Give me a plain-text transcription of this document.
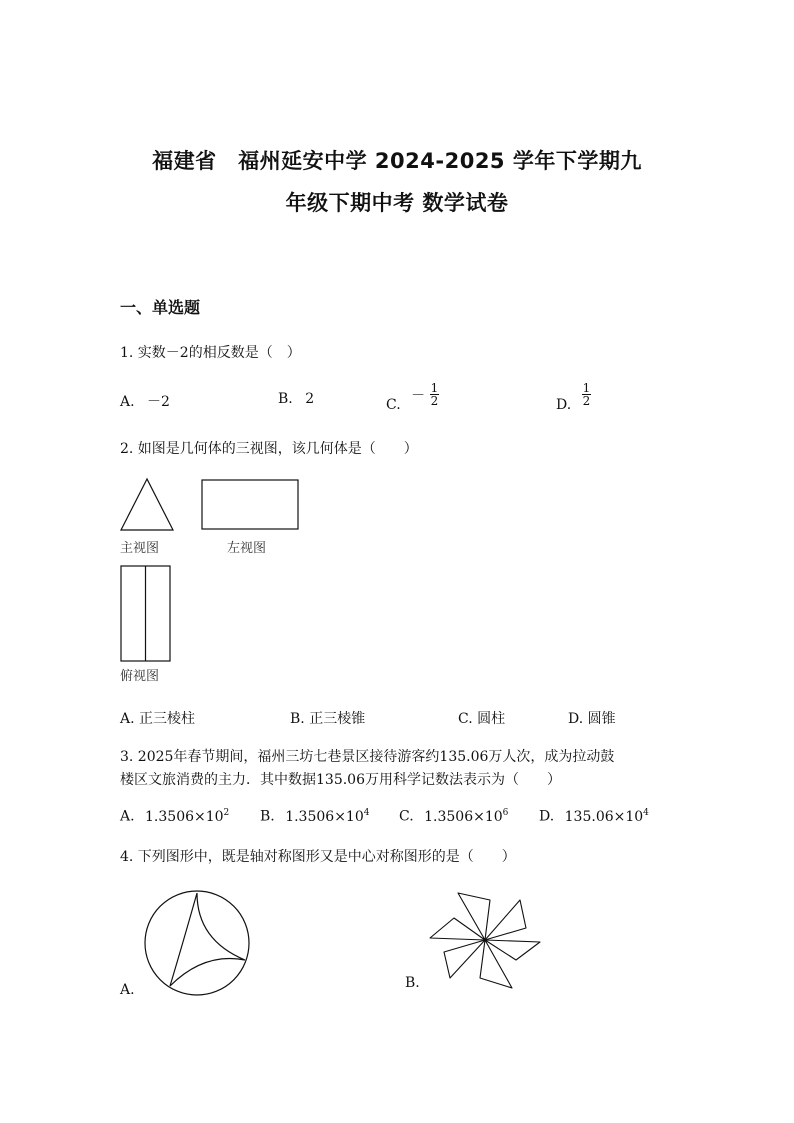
福建省　福州延安中学 2024-2025 学年下学期九
年级下期中考 数学试卷
一、单选题
1. 实数－2的相反数是（　）
A. －2	B. 2	C. － $\frac{1}{2}$	D. $\frac{1}{2}$
2. 如图是几何体的三视图，该几何体是（　　）
主视图	左视图
俯视图
A. 正三棱柱	B. 正三棱锥	C. 圆柱	D. 圆锥
3. 2025年春节期间，福州三坊七巷景区接待游客约135.06万人次，成为拉动鼓
楼区文旅消费的主力．其中数据135.06万用科学记数法表示为（　　）
A. $1.3506\times 10^2$ B. $1.3506\times 10^4$ C. $1.3506\times 10^6$ D. $135.06\times 10^4$
4. 下列图形中，既是轴对称图形又是中心对称图形的是（　　）
A.	B.
